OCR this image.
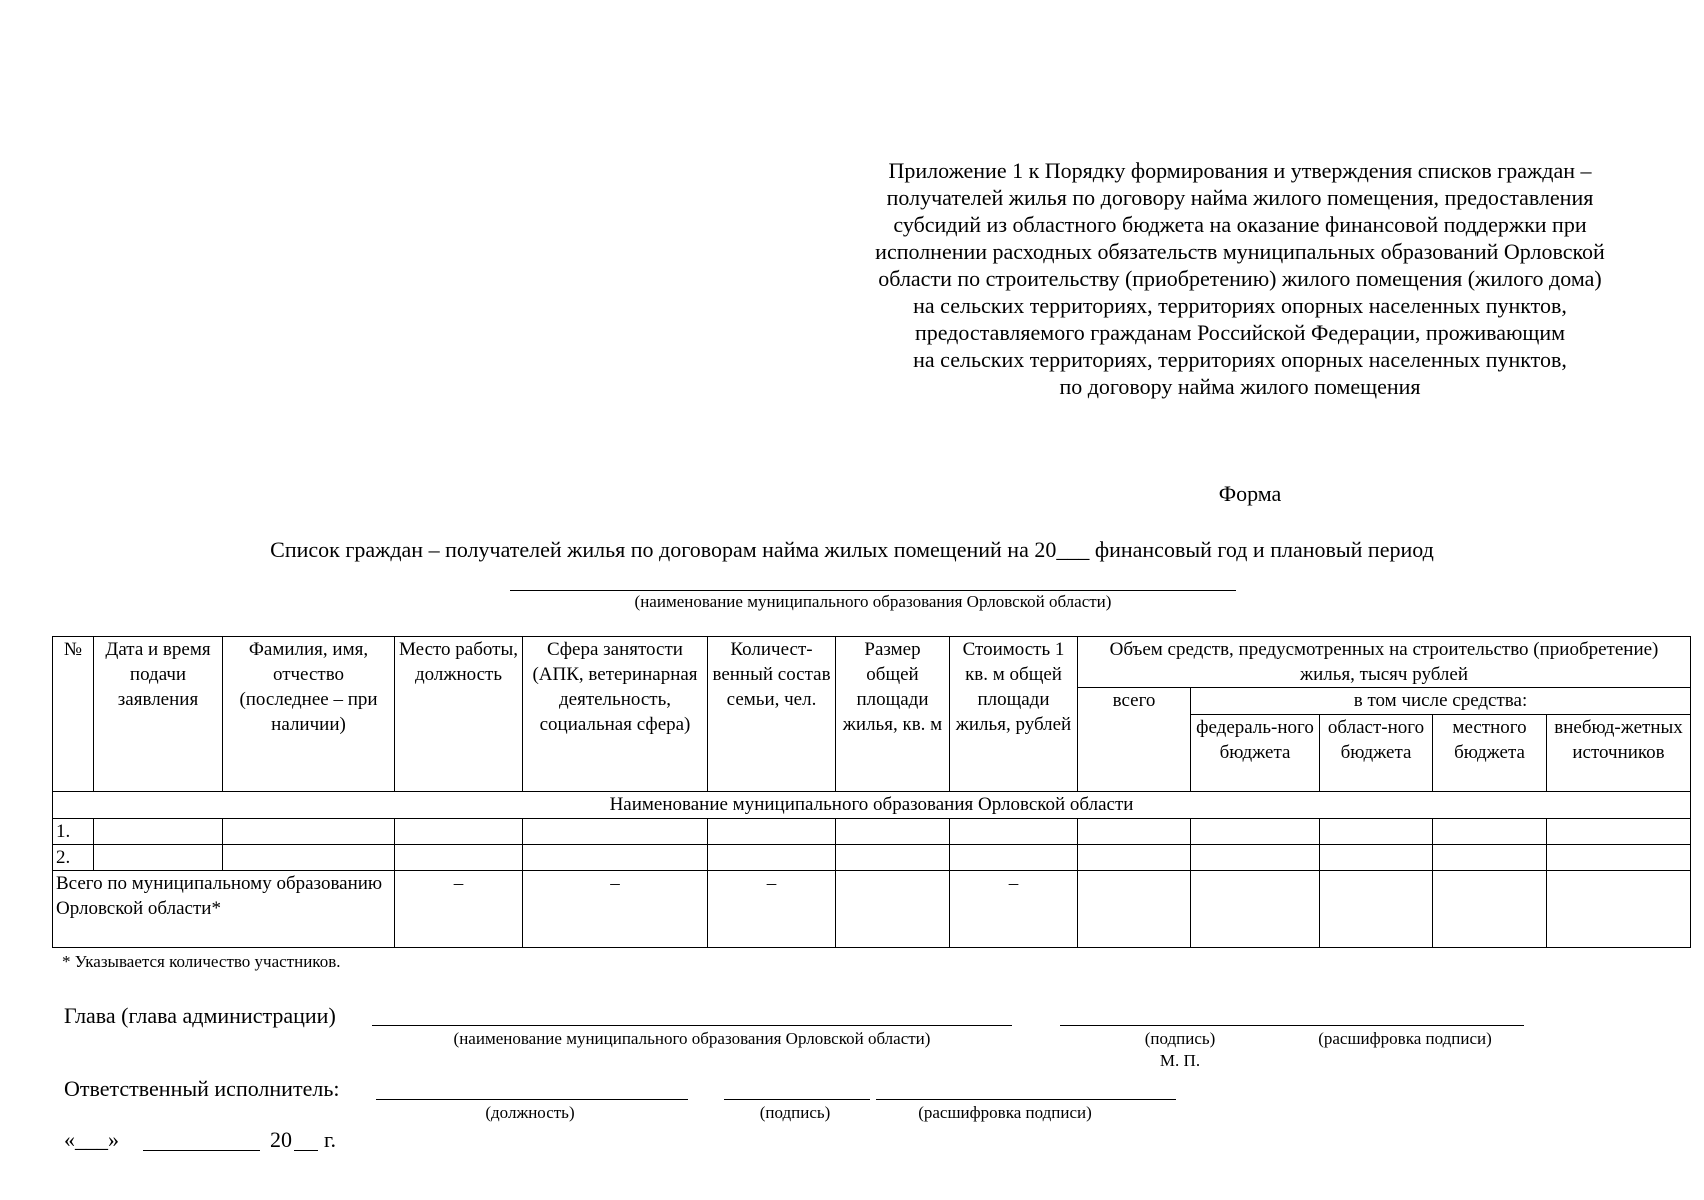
Приложение 1 к Порядку формирования и утверждения списков граждан –
получателей жилья по договору найма жилого помещения, предоставления
субсидий из областного бюджета на оказание финансовой поддержки при
исполнении расходных обязательств муниципальных образований Орловской
области по строительству (приобретению) жилого помещения (жилого дома)
на сельских территориях, территориях опорных населенных пунктов,
предоставляемого гражданам Российской Федерации, проживающим
на сельских территориях, территориях опорных населенных пунктов,
по договору найма жилого помещения
Форма
Список граждан – получателей жилья по договорам найма жилых помещений на 20___ финансовый год и плановый период
(наименование муниципального образования Орловской области)
№	Дата и время подачи заявления	Фамилия, имя, отчество (последнее – при наличии)	Место работы, должность	Сфера занятости (АПК, ветеринарная деятельность, социальная сфера)	Количест-венный состав семьи, чел.	Размер общей площади жилья, кв. м	Стоимость 1 кв. м общей площади жилья, рублей	Объем средств, предусмотренных на строительство (приобретение) жилья, тысяч рублей				
								всего	в том числе средства:			
									федераль-ного бюджета	област-ного бюджета	местного бюджета	внебюд-жетных источников
Наименование муниципального образования Орловской области												
1.												
2.												
Всего по муниципальному образованию Орловской области*			–	–	–		–					
* Указывается количество участников.
Глава (глава администрации)
(наименование муниципального образования Орловской области)	(подпись)	(расшифровка подписи)
М. П.
Ответственный исполнитель:
(должность)	(подпись)	(расшифровка подписи)
«___»	20 г.
